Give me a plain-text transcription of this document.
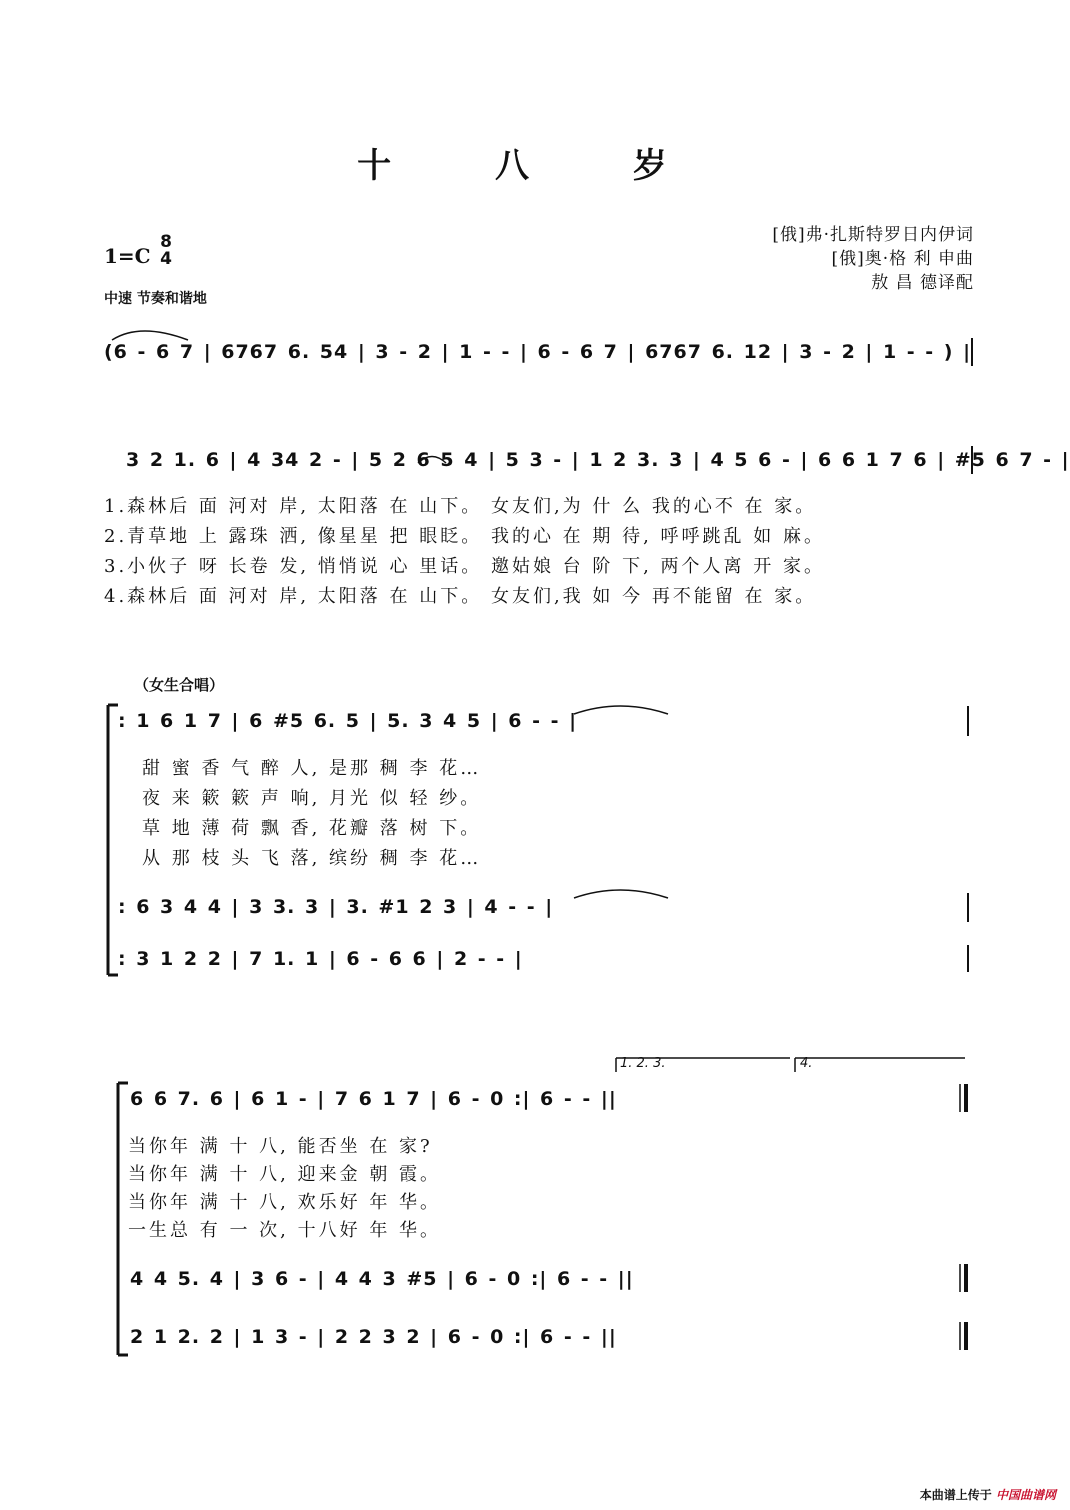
十 八 岁
[俄]弗·扎斯特罗日内伊词
[俄]奥·格 利 申曲
敖 昌 德译配
1=C
8
4
中速 节奏和谐地
(6 - 6 7 | 6767 6. 54 | 3 - 2 | 1 - - | 6 - 6 7 | 6767 6. 12 | 3 - 2 | 1 - - ) |
3 2 1. 6 | 4 34 2 - | 5 2 6 5 4 | 5 3 - | 1 2 3. 3 | 4 5 6 - | 6 6 1 7 6 | #5 6 7 - |
1.森林后 面 河对 岸, 太阳落 在 山下。 女友们,为 什 么 我的心不 在 家。
2.青草地 上 露珠 洒, 像星星 把 眼眨。 我的心 在 期 待, 呼呼跳乱 如 麻。
3.小伙子 呀 长卷 发, 悄悄说 心 里话。 邀姑娘 台 阶 下, 两个人离 开 家。
4.森林后 面 河对 岸, 太阳落 在 山下。 女友们,我 如 今 再不能留 在 家。
（女生合唱）
: 1 6 1 7 | 6 #5 6. 5 | 5. 3 4 5 | 6 - - |
甜 蜜 香 气 醉 人, 是那 稠 李 花…
夜 来 簌 簌 声 响, 月光 似 轻 纱。
草 地 薄 荷 飘 香, 花瓣 落 树 下。
从 那 枝 头 飞 落, 缤纷 稠 李 花…
: 6 3 4 4 | 3 3. 3 | 3. #1 2 3 | 4 - - |
: 3 1 2 2 | 7 1. 1 | 6 - 6 6 | 2 - - |
1. 2. 3.	4.
6 6 7. 6 | 6 1 - | 7 6 1 7 | 6 - 0 :| 6 - - ||
当你年 满 十 八, 能否坐 在 家?
当你年 满 十 八, 迎来金 朝 霞。
当你年 满 十 八, 欢乐好 年 华。
一生总 有 一 次, 十八好 年 华。
4 4 5. 4 | 3 6 - | 4 4 3 #5 | 6 - 0 :| 6 - - ||
2 1 2. 2 | 1 3 - | 2 2 3 2 | 6 - 0 :| 6 - - ||
本曲谱上传于 中国曲谱网
